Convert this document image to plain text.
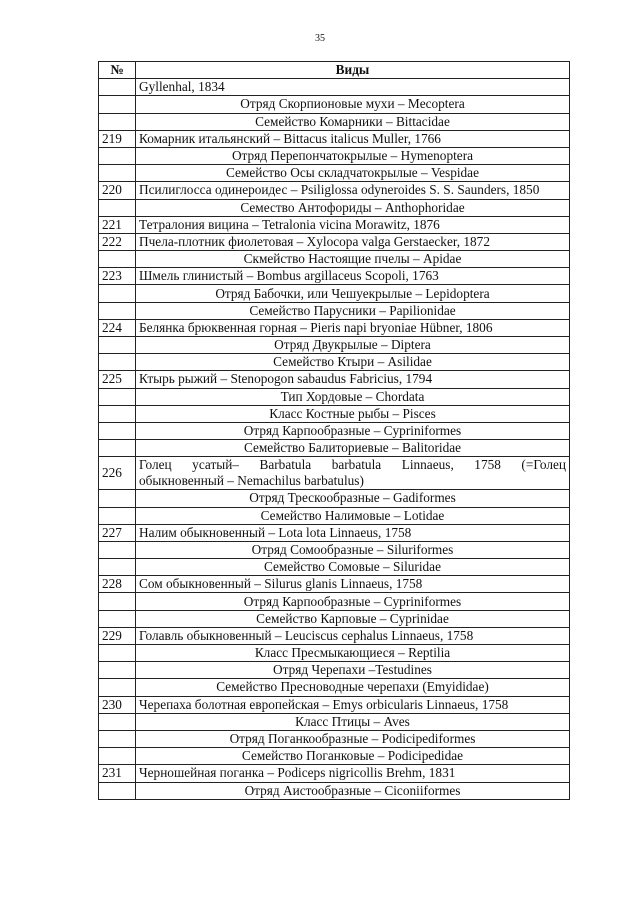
35
№	Виды
	Gyllenhal, 1834
	Отряд Скорпионовые мухи – Mecoptera
	Семейство Комарники – Bittacidae
219	Комарник итальянский – Bittacus italicus Muller, 1766
	Отряд Перепончатокрылые – Hymenoptera
	Семейство Осы складчатокрылые – Vespidae
220	Псилиглосса одинероидес – Psiliglossa odyneroides S. S. Saunders, 1850
	Семество Антофориды – Anthophoridae
221	Тетралония вицина – Tetralonia vicina Morawitz, 1876
222	Пчела-плотник фиолетовая – Xylocopa valga Gerstaecker, 1872
	Скмейство Настоящие пчелы – Apidae
223	Шмель глинистый – Bombus argillaceus Scopoli, 1763
	Отряд Бабочки, или Чешуекрылые – Lepidoptera
	Семейство Парусники – Papilionidae
224	Белянка брюквенная горная – Pieris napi bryoniae Hübner, 1806
	Отряд Двукрылые – Diptera
	Семейство Ктыри – Asilidae
225	Ктырь рыжий – Stenopogon sabaudus Fabricius, 1794
	Тип Хордовые – Chordata
	Класс Костные рыбы – Pisces
	Отряд Карпообразные – Cypriniformes
	Семейство Балиториевые – Balitoridae
226	Голец усатый– Barbatula barbatula Linnaeus, 1758 (=Голец
обыкновенный – Nemachilus barbatulus)

	Отряд Трескообразные – Gadiformes
	Семейство Налимовые – Lotidae
227	Налим обыкновенный – Lota lota Linnaeus, 1758
	Отряд Сомообразные – Siluriformes
	Семейство Сомовые – Siluridae
228	Сом обыкновенный – Silurus glanis Linnaeus, 1758
	Отряд Карпообразные – Cypriniformes
	Семейство Карповые – Cyprinidae
229	Голавль обыкновенный – Leuciscus cephalus Linnaeus, 1758
	Класс Пресмыкающиеся – Reptilia
	Отряд Черепахи –Testudines
	Семейство Пресноводные черепахи (Emyididae)
230	Черепаха болотная европейская – Emys orbicularis Linnaeus, 1758
	Класс Птицы – Aves
	Отряд Поганкообразные – Podicipediformes
	Семейство Поганковые – Podicipedidae
231	Черношейная поганка – Podiceps nigricollis Brehm, 1831
	Отряд Аистообразные – Ciconiiformes
